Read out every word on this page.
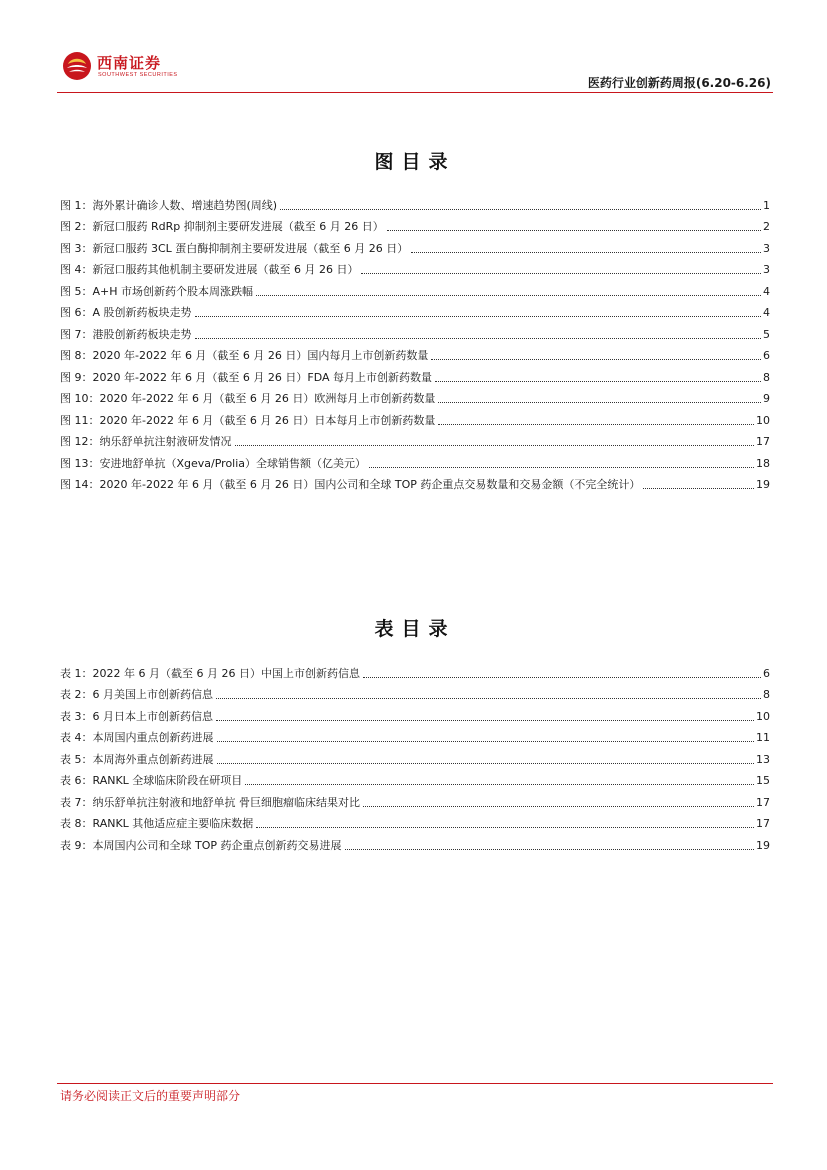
西南证券
SOUTHWEST SECURITIES
医药行业创新药周报(6.20-6.26)
图目录
图 1：海外累计确诊人数、增速趋势图(周线)	1
图 2：新冠口服药 RdRp 抑制剂主要研发进展（截至 6 月 26 日）	2
图 3：新冠口服药 3CL 蛋白酶抑制剂主要研发进展（截至 6 月 26 日）	3
图 4：新冠口服药其他机制主要研发进展（截至 6 月 26 日）	3
图 5：A+H 市场创新药个股本周涨跌幅	4
图 6：A 股创新药板块走势	4
图 7：港股创新药板块走势	5
图 8：2020 年-2022 年 6 月（截至 6 月 26 日）国内每月上市创新药数量	6
图 9：2020 年-2022 年 6 月（截至 6 月 26 日）FDA 每月上市创新药数量	8
图 10：2020 年-2022 年 6 月（截至 6 月 26 日）欧洲每月上市创新药数量	9
图 11：2020 年-2022 年 6 月（截至 6 月 26 日）日本每月上市创新药数量	10
图 12：纳乐舒单抗注射液研发情况	17
图 13：安进地舒单抗（Xgeva/Prolia）全球销售额（亿美元）	18
图 14：2020 年-2022 年 6 月（截至 6 月 26 日）国内公司和全球 TOP 药企重点交易数量和交易金额（不完全统计）	19
表目录
表 1：2022 年 6 月（截至 6 月 26 日）中国上市创新药信息	6
表 2：6 月美国上市创新药信息	8
表 3：6 月日本上市创新药信息	10
表 4：本周国内重点创新药进展	11
表 5：本周海外重点创新药进展	13
表 6：RANKL 全球临床阶段在研项目	15
表 7：纳乐舒单抗注射液和地舒单抗 骨巨细胞瘤临床结果对比	17
表 8：RANKL 其他适应症主要临床数据	17
表 9：本周国内公司和全球 TOP 药企重点创新药交易进展	19
请务必阅读正文后的重要声明部分
